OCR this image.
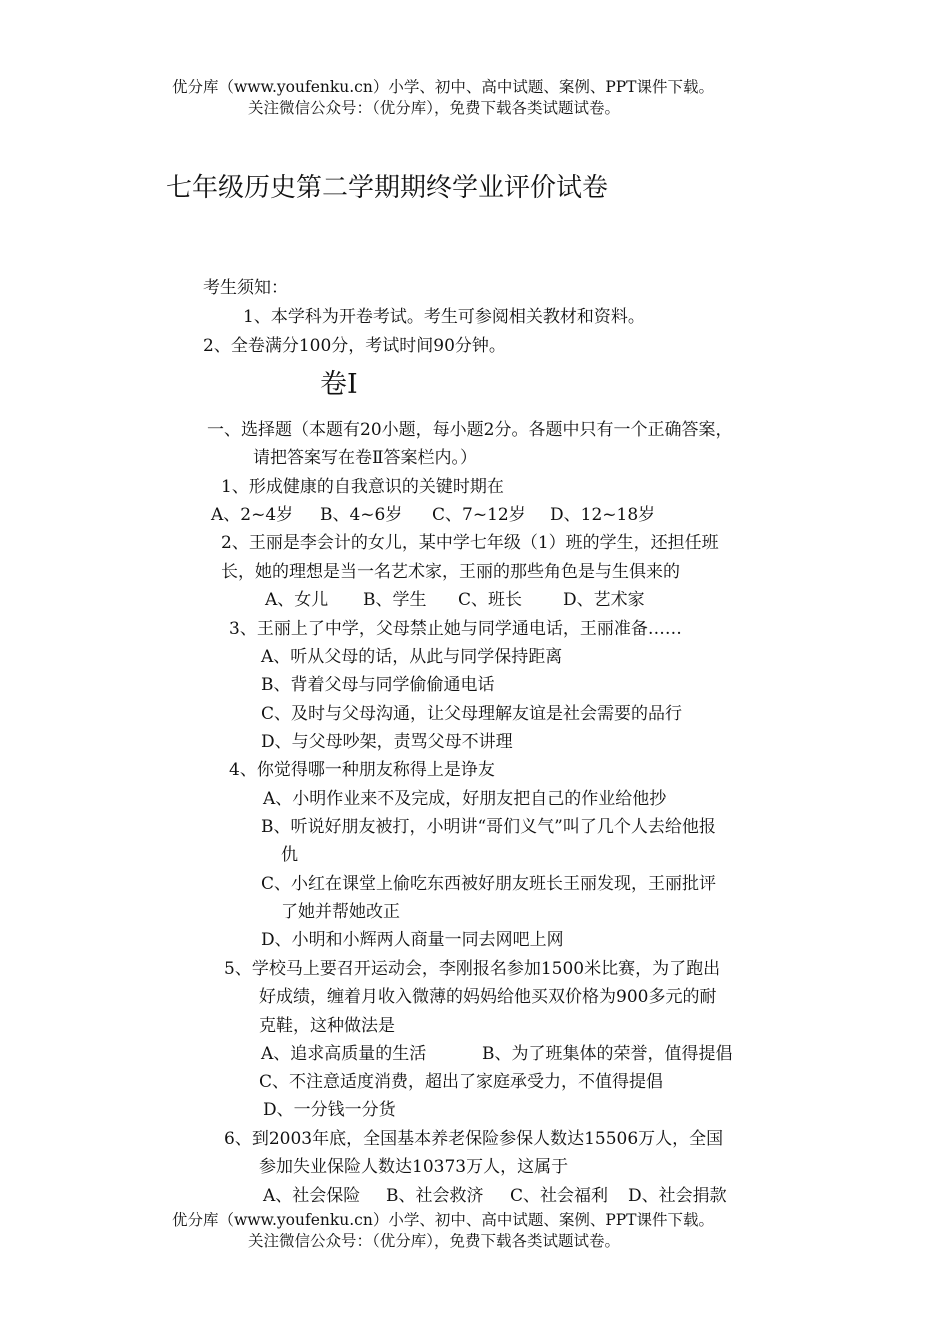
优分库（www.youfenku.cn）小学、初中、高中试题、案例、PPT课件下载。
关注微信公众号：（优分库），免费下载各类试题试卷。
七年级历史第二学期期终学业评价试卷
考生须知：
1、本学科为开卷考试。考生可参阅相关教材和资料。
2、全卷满分100分，考试时间90分钟。
卷Ⅰ
一、选择题（本题有20小题，每小题2分。各题中只有一个正确答案，
请把答案写在卷Ⅱ答案栏内。）
1、形成健康的自我意识的关键时期在
A、2~4岁 B、4~6岁 C、7~12岁 D、12~18岁
2、王丽是李会计的女儿，某中学七年级（1）班的学生，还担任班
长，她的理想是当一名艺术家，王丽的那些角色是与生俱来的
A、女儿 B、学生 C、班长 D、艺术家
3、王丽上了中学，父母禁止她与同学通电话，王丽准备……
A、听从父母的话，从此与同学保持距离
B、背着父母与同学偷偷通电话
C、及时与父母沟通，让父母理解友谊是社会需要的品行
D、与父母吵架，责骂父母不讲理
4、你觉得哪一种朋友称得上是诤友
A、小明作业来不及完成，好朋友把自己的作业给他抄
B、听说好朋友被打，小明讲“哥们义气”叫了几个人去给他报
仇
C、小红在课堂上偷吃东西被好朋友班长王丽发现，王丽批评
了她并帮她改正
D、小明和小辉两人商量一同去网吧上网
5、学校马上要召开运动会，李刚报名参加1500米比赛，为了跑出
好成绩，缠着月收入微薄的妈妈给他买双价格为900多元的耐
克鞋，这种做法是
A、追求高质量的生活	B、为了班集体的荣誉，值得提倡
C、不注意适度消费，超出了家庭承受力，不值得提倡
D、一分钱一分货
6、到2003年底，全国基本养老保险参保人数达15506万人，全国
参加失业保险人数达10373万人，这属于
A、社会保险 B、社会救济 C、社会福利 D、社会捐款
优分库（www.youfenku.cn）小学、初中、高中试题、案例、PPT课件下载。
关注微信公众号：（优分库），免费下载各类试题试卷。
